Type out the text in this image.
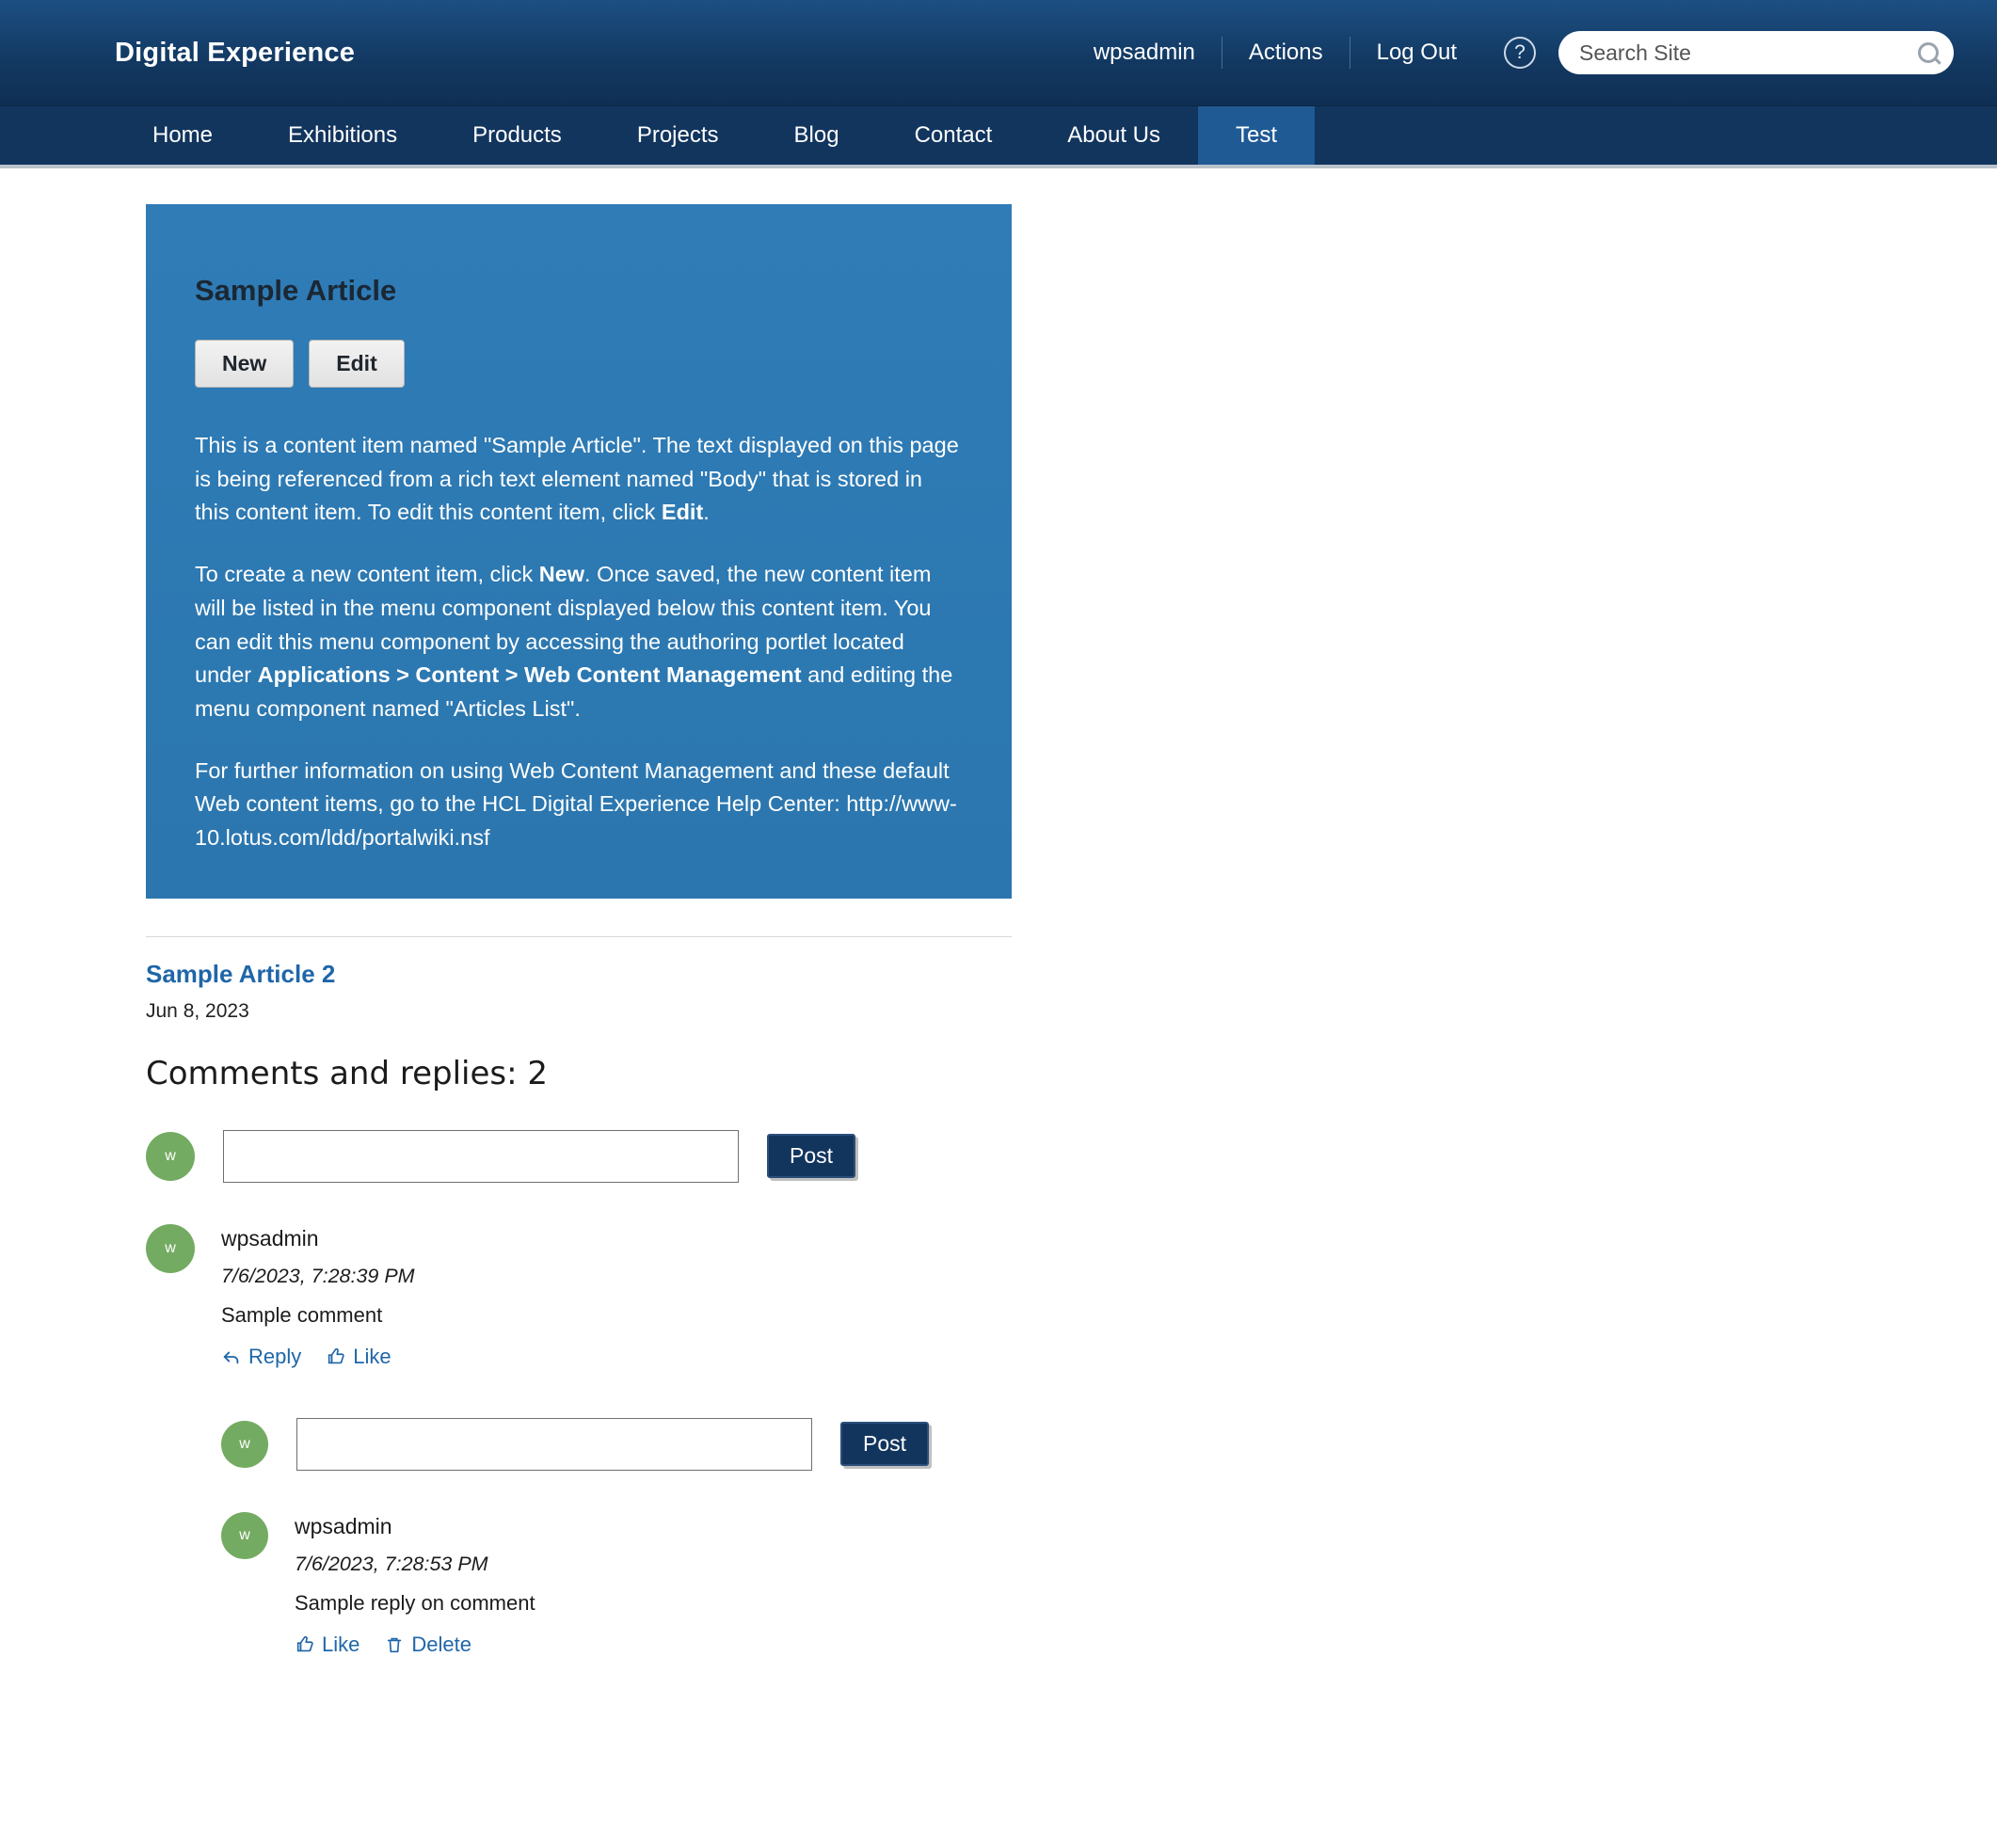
Digital Experience	wpsadmin	Actions	Log Out	?
Search Site
Home	Exhibitions	Products	Projects	Blog	Contact	About Us	Test
Sample Article
New	Edit

This is a content item named "Sample Article". The text displayed on this page is being referenced from a rich text element named "Body" that is stored in this content item. To edit this content item, click Edit.

To create a new content item, click New. Once saved, the new content item will be listed in the menu component displayed below this content item. You can edit this menu component by accessing the authoring portlet located under Applications > Content > Web Content Management and editing the menu component named "Articles List".

For further information on using Web Content Management and these default Web content items, go to the HCL Digital Experience Help Center: http://www-10.lotus.com/ldd/portalwiki.nsf

Sample Article 2
Jun 8, 2023
Comments and replies: 2
w	Post
w	wpsadmin
7/6/2023, 7:28:39 PM
Sample comment
Reply	Like
w	Post
w	wpsadmin
7/6/2023, 7:28:53 PM
Sample reply on comment
Like	Delete
